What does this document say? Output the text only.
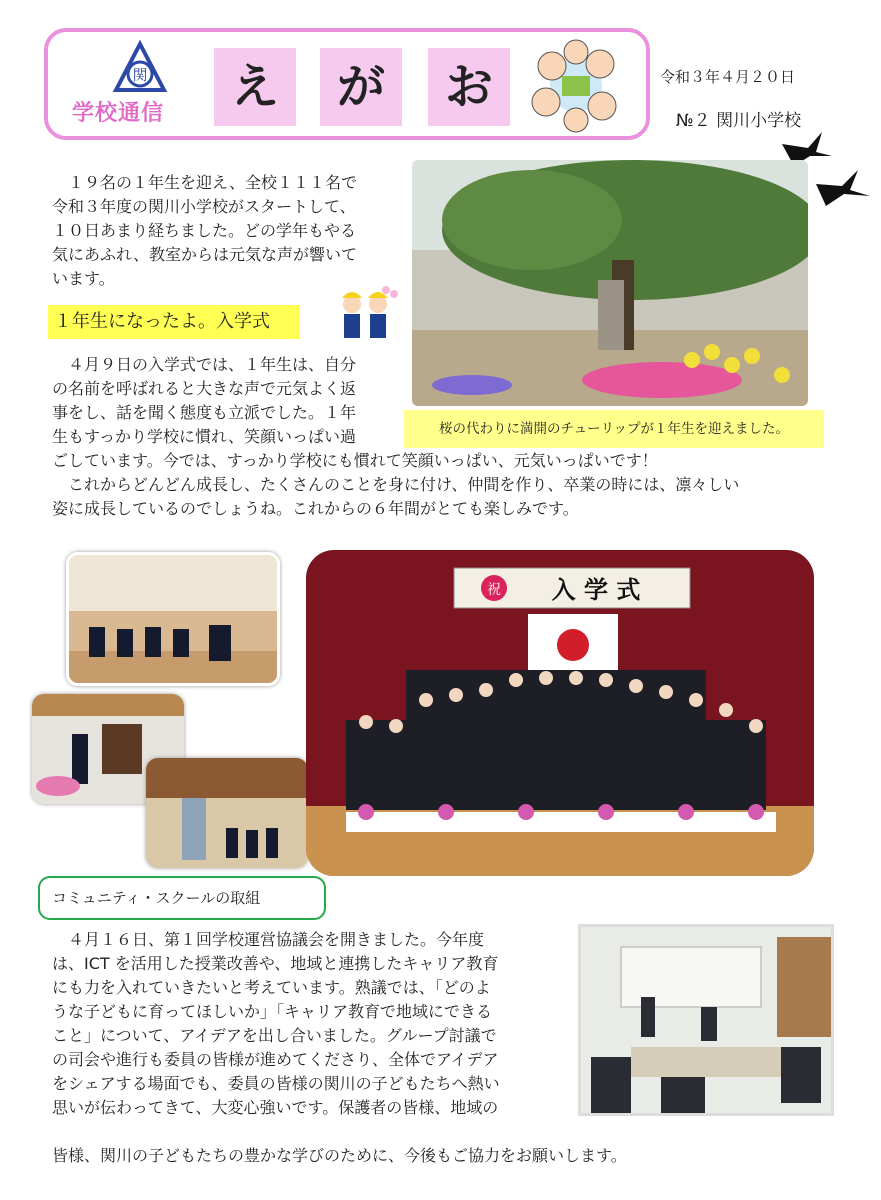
関
学校通信	え	が	お	令和３年４月２０日
№２ 関川小学校
　１９名の１年生を迎え、全校１１１名で
令和３年度の関川小学校がスタートして、
１０日あまり経ちました。どの学年もやる
気にあふれ、教室からは元気な声が響いて
います。
桜の代わりに満開のチューリップが１年生を迎えました。
１年生になったよ。入学式
　４月９日の入学式では、１年生は、自分
の名前を呼ばれると大きな声で元気よく返
事をし、話を聞く態度も立派でした。１年
生もすっかり学校に慣れ、笑顔いっぱい過
ごしています。今では、すっかり学校にも慣れて笑顔いっぱい、元気いっぱいです！
　これからどんどん成長し、たくさんのことを身に付け、仲間を作り、卒業の時には、凛々しい
姿に成長しているのでしょうね。これからの６年間がとても楽しみです。
祝 入 学 式
コミュニティ・スクールの取組
　４月１６日、第１回学校運営協議会を開きました。今年度
は、ICT を活用した授業改善や、地域と連携したキャリア教育
にも力を入れていきたいと考えています。熟議では、「どのよ
うな子どもに育ってほしいか」「キャリア教育で地域にできる
こと」について、アイデアを出し合いました。グループ討議で
の司会や進行も委員の皆様が進めてくださり、全体でアイデア
をシェアする場面でも、委員の皆様の関川の子どもたちへ熱い
思いが伝わってきて、大変心強いです。保護者の皆様、地域の
皆様、関川の子どもたちの豊かな学びのために、今後もご協力をお願いします。
